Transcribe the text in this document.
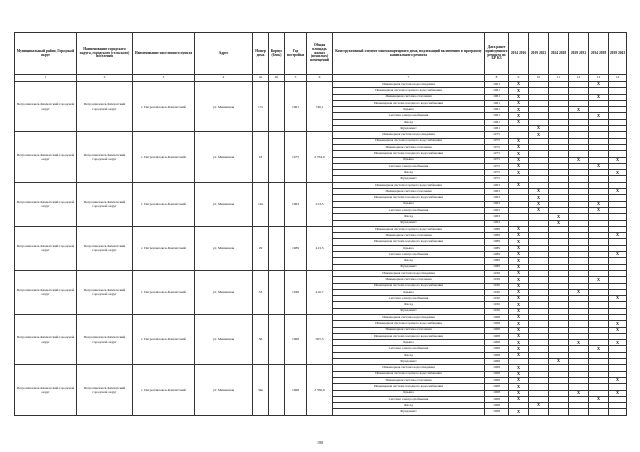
Муниципальный район, Городской округ	Наименование городского округа, городского (сельского) поселения	Наименование населенного пункта	Адрес	Номер дома	Корпус (блок)	Год постройки	Общая площадь жилых (нежилых) помещений	Конструктивный элемент многоквартирного дома, подлежащий включению в программу капитального ремонта	Дата ранее проведенного ремонта по БР КЗ	2014 2016	2019 2023	2024 2028	2029 2033	2034 2038	2039 2043
1	2	3	4	4а	4б	5	6	7	8	9	10	11	12	13	14
Петропавловск-Камчатский городской округ	Петропавловск-Камчатский городской округ	г. Петропавловск-Камчатский	ул. Мишенная	17а		1961	746,1	Инженерная система водоотведения	1961	X				X	
								Инженерная система горячего водоснабжения	1961	X					
								Инженерная система отопления	1961	X				X	
								Инженерная система холодного водоснабжения	1961	X					
								Крыша	1961	X			X		
								Система электроснабжения	1961	X				X	
								Фасад	1961	X					
								Фундамент	1961		X				
Петропавловск-Камчатский городской округ	Петропавловск-Камчатский городской округ	г. Петропавловск-Камчатский	ул. Мишенная	18		1975	2 704,0	Инженерная система водоотведения	1975		X				
								Инженерная система горячего водоснабжения	1975	X					
								Инженерная система отопления	1975	X					
								Инженерная система холодного водоснабжения	1975	X					
								Крыша	1975	X			X		X
								Система электроснабжения	1975	X				X	
								Фасад	1975	X					X
								Фундамент	1975						
Петропавловск-Камчатский городской округ	Петропавловск-Камчатский городской округ	г. Петропавловск-Камчатский	ул. Мишенная	19а		1963	213,5	Инженерная система горячего водоснабжения	1963	X					
								Инженерная система отопления	1963		X				X
								Инженерная система холодного водоснабжения	1963		X				
								Крыша	1963		X			X	
								Система электроснабжения	1963		X			X	
								Фасад	1963			X			
								Фундамент	1963			X			
Петропавловск-Камчатский городской округ	Петропавловск-Камчатский городской округ	г. Петропавловск-Камчатский	ул. Мишенная	29		1989	413,3	Инженерная система горячего водоснабжения	1989	X					
								Инженерная система отопления	1989	X					X
								Инженерная система холодного водоснабжения	1989	X					
								Крыша	1989	X					
								Система электроснабжения	1989	X					X
								Фасад	1989	X					
								Фундамент	1989	X					
Петропавловск-Камчатский городской округ	Петропавловск-Камчатский городской округ	г. Петропавловск-Камчатский	ул. Мишенная	33		1936	410,7	Инженерная система водоотведения	1936	X					
								Инженерная система отопления	1936	X				X	
								Инженерная система холодного водоснабжения	1936	X					
								Крыша	1936	X			X		
								Система электроснабжения	1936	X					X
								Фасад	1936	X					
								Фундамент	1936	X					
Петропавловск-Камчатский городской округ	Петропавловск-Камчатский городской округ	г. Петропавловск-Камчатский	ул. Мишенная	36		1968	505,3	Инженерная система водоотведения	1968	X					
								Инженерная система горячего водоснабжения	1968	X					X
								Инженерная система отопления	1968	X					X
								Инженерная система холодного водоснабжения	1968	X					
								Крыша	1968	X			X		X
								Система электроснабжения	1968	X				X	
								Фасад	1968	X					
								Фундамент	1968			X			
Петропавловск-Камчатский городской округ	Петропавловск-Камчатский городской округ	г. Петропавловск-Камчатский	ул. Мишенная	36а		1968	2 330,0	Инженерная система водоотведения	1968	X					
								Инженерная система горячего водоснабжения	1968	X					
								Инженерная система отопления	1968	X					X
								Инженерная система холодного водоснабжения	1968	X					
								Крыша	1968	X			X		X
								Система электроснабжения	1968	X				X	
								Фасад	1968		X				
								Фундамент	1968	X					
198
